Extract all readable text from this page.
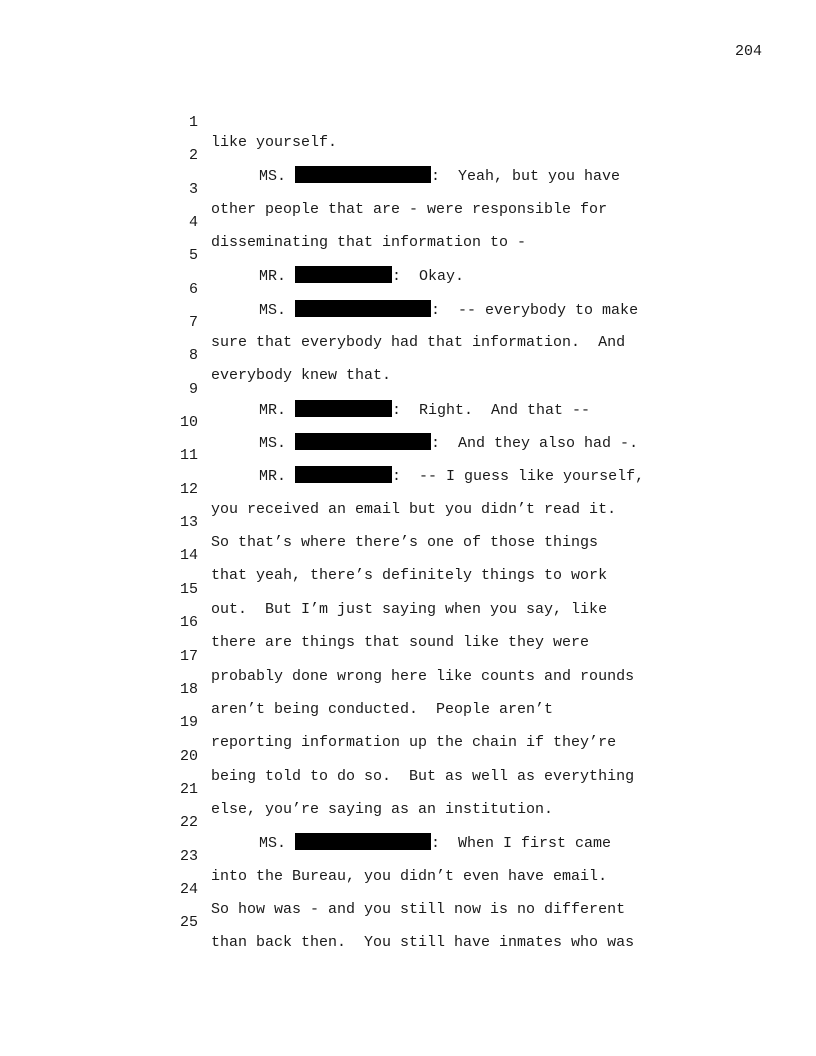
204

1

like yourself.

2

MS.	:  Yeah, but you have

3

other people that are - were responsible for

4

disseminating that information to -

5

MR.	:  Okay.

6

MS.	:  -- everybody to make

7

sure that everybody had that information.  And

8

everybody knew that.

9

MR.	:  Right.  And that --

10

MS.	:  And they also had -.

11

MR.	:  -- I guess like yourself,

12

you received an email but you didn’t read it.

13

So that’s where there’s one of those things

14

that yeah, there’s definitely things to work

15

out.  But I’m just saying when you say, like

16

there are things that sound like they were

17

probably done wrong here like counts and rounds

18

aren’t being conducted.  People aren’t

19

reporting information up the chain if they’re

20

being told to do so.  But as well as everything

21

else, you’re saying as an institution.

22

MS.	:  When I first came

23

into the Bureau, you didn’t even have email.

24

So how was - and you still now is no different

25

than back then.  You still have inmates who was
